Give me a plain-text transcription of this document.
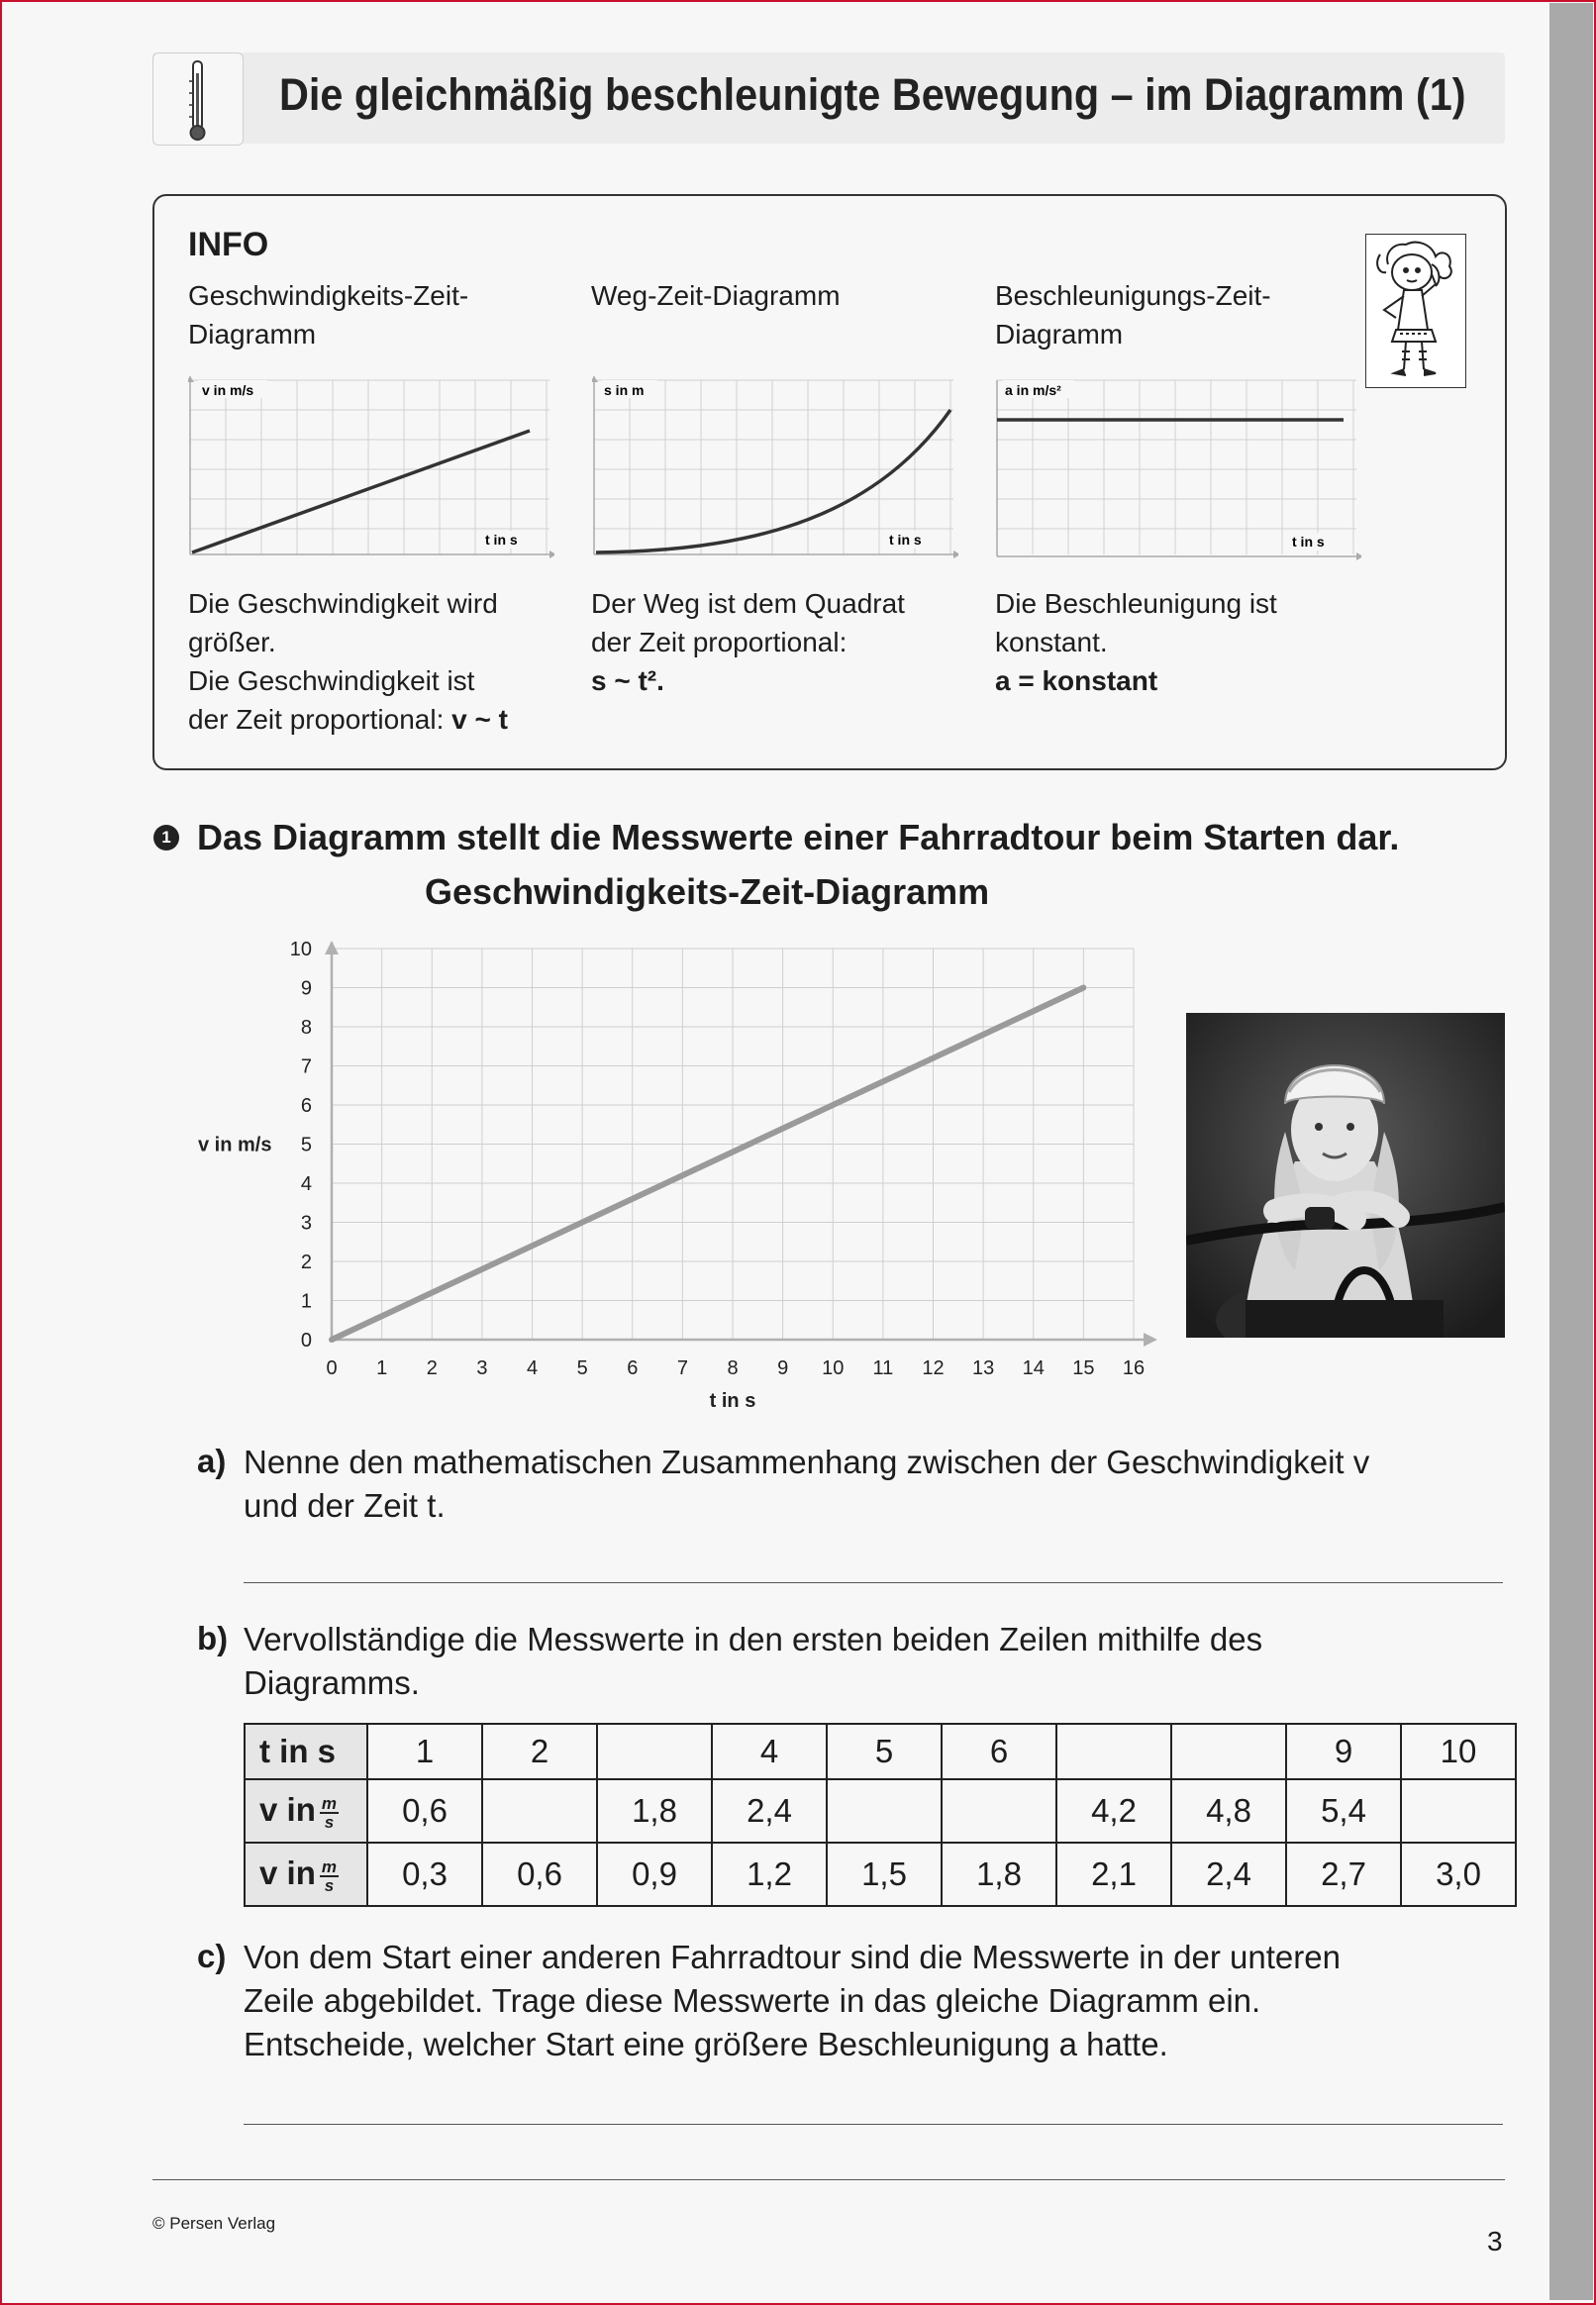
Die gleichmäßig beschleunigte Bewegung – im Diagramm (1)
INFO
Geschwindigkeits-Zeit-
Diagramm
Weg-Zeit-Diagramm	Beschleunigungs-Zeit-
Diagramm
v in m/s
t in s
s in m
t in s
a in m/s²
t in s
Die Geschwindigkeit wird
größer.
Die Geschwindigkeit ist
der Zeit proportional: v ~ t
Der Weg ist dem Quadrat
der Zeit proportional:
s ~ t².
Die Beschleunigung ist
konstant.
a = konstant
1 Das Diagramm stellt die Messwerte einer Fahrradtour beim Starten dar.
Geschwindigkeits-Zeit-Diagramm
0 1 2 3 4 5 6 7 8 9 10 11 12 13 14 15 16
0
1
2
3
4
5
6
7
8
9
10
t in s
v in m/s
a) Nenne den mathematischen Zusammenhang zwischen der Geschwindigkeit v
und der Zeit t.
b) Vervollständige die Messwerte in den ersten beiden Zeilen mithilfe des
Diagramms.
t in s	1	2		4	5	6			9	10
v in $\frac{m}{s}$	0,6		1,8	2,4			4,2	4,8	5,4	
v in $\frac{m}{s}$	0,3	0,6	0,9	1,2	1,5	1,8	2,1	2,4	2,7	3,0
c) Von dem Start einer anderen Fahrradtour sind die Messwerte in der unteren
Zeile abgebildet. Trage diese Messwerte in das gleiche Diagramm ein.
Entscheide, welcher Start eine größere Beschleunigung a hatte.
© Persen Verlag
3
